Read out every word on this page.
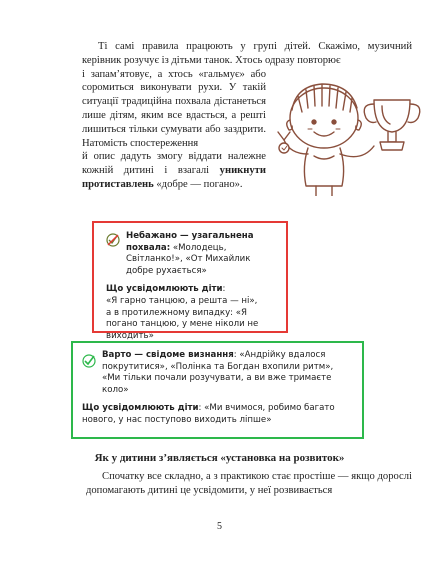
Ті самі правила працюють у групі дітей. Скажімо, музичний керівник розучує із дітьми танок. Хтось одразу повторює
і запам’ятовує, а хтось «гальмує» або соромиться виконувати рухи. У такій ситуації традиційна похвала дістанеться лише дітям, яким все вдасться, а решті лишиться тільки сумувати або заздрити. Натомість спостереження
й опис дадуть змогу віддати належне кожній дитині і взагалі уникнути протиставлень «добре — погано».
Небажано — узагальнена похвала: «Молодець, Світланко!», «От Михайлик добре рухається»
Що усвідомлюють діти:
«Я гарно танцюю, а решта — ні»,
а в протилежному випадку: «Я погано танцюю, у мене ніколи не виходить»
Варто — свідоме визнання: «Андрійку вдалося покрутитися», «Полінка та Богдан вхопили ритм», «Ми тільки почали розучувати, а ви вже тримаєте коло»
Що усвідомлюють діти: «Ми вчимося, робимо багато нового, у нас поступово виходить ліпше»
Як у дитини з’являється «установка на розвиток»
Спочатку все складно, а з практикою стає простіше — якщо дорослі допомагають дитині це усвідомити, у неї розвивається
5
